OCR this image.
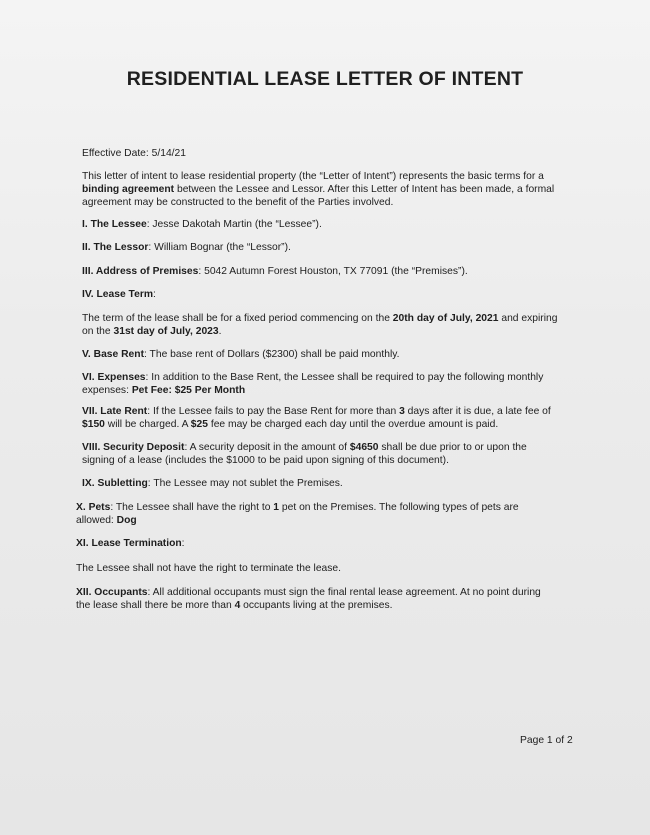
RESIDENTIAL LEASE LETTER OF INTENT
Effective Date: 5/14/21
This letter of intent to lease residential property (the “Letter of Intent”) represents the basic terms for a binding agreement between the Lessee and Lessor. After this Letter of Intent has been made, a formal agreement may be constructed to the benefit of the Parties involved.
I. The Lessee: Jesse Dakotah Martin (the “Lessee”).
II. The Lessor: William Bognar (the “Lessor”).
III. Address of Premises: 5042 Autumn Forest Houston, TX 77091 (the “Premises”).
IV. Lease Term:
The term of the lease shall be for a fixed period commencing on the 20th day of July, 2021 and expiring on the 31st day of July, 2023.
V. Base Rent: The base rent of Dollars ($2300) shall be paid monthly.
VI. Expenses: In addition to the Base Rent, the Lessee shall be required to pay the following monthly expenses: Pet Fee: $25 Per Month
VII. Late Rent: If the Lessee fails to pay the Base Rent for more than 3 days after it is due, a late fee of $150 will be charged. A $25 fee may be charged each day until the overdue amount is paid.
VIII. Security Deposit: A security deposit in the amount of $4650 shall be due prior to or upon the signing of a lease (includes the $1000 to be paid upon signing of this document).
IX. Subletting: The Lessee may not sublet the Premises.
X. Pets: The Lessee shall have the right to 1 pet on the Premises. The following types of pets are allowed: Dog
XI. Lease Termination:
The Lessee shall not have the right to terminate the lease.
XII. Occupants: All additional occupants must sign the final rental lease agreement. At no point during the lease shall there be more than 4 occupants living at the premises.
Page 1 of 2
